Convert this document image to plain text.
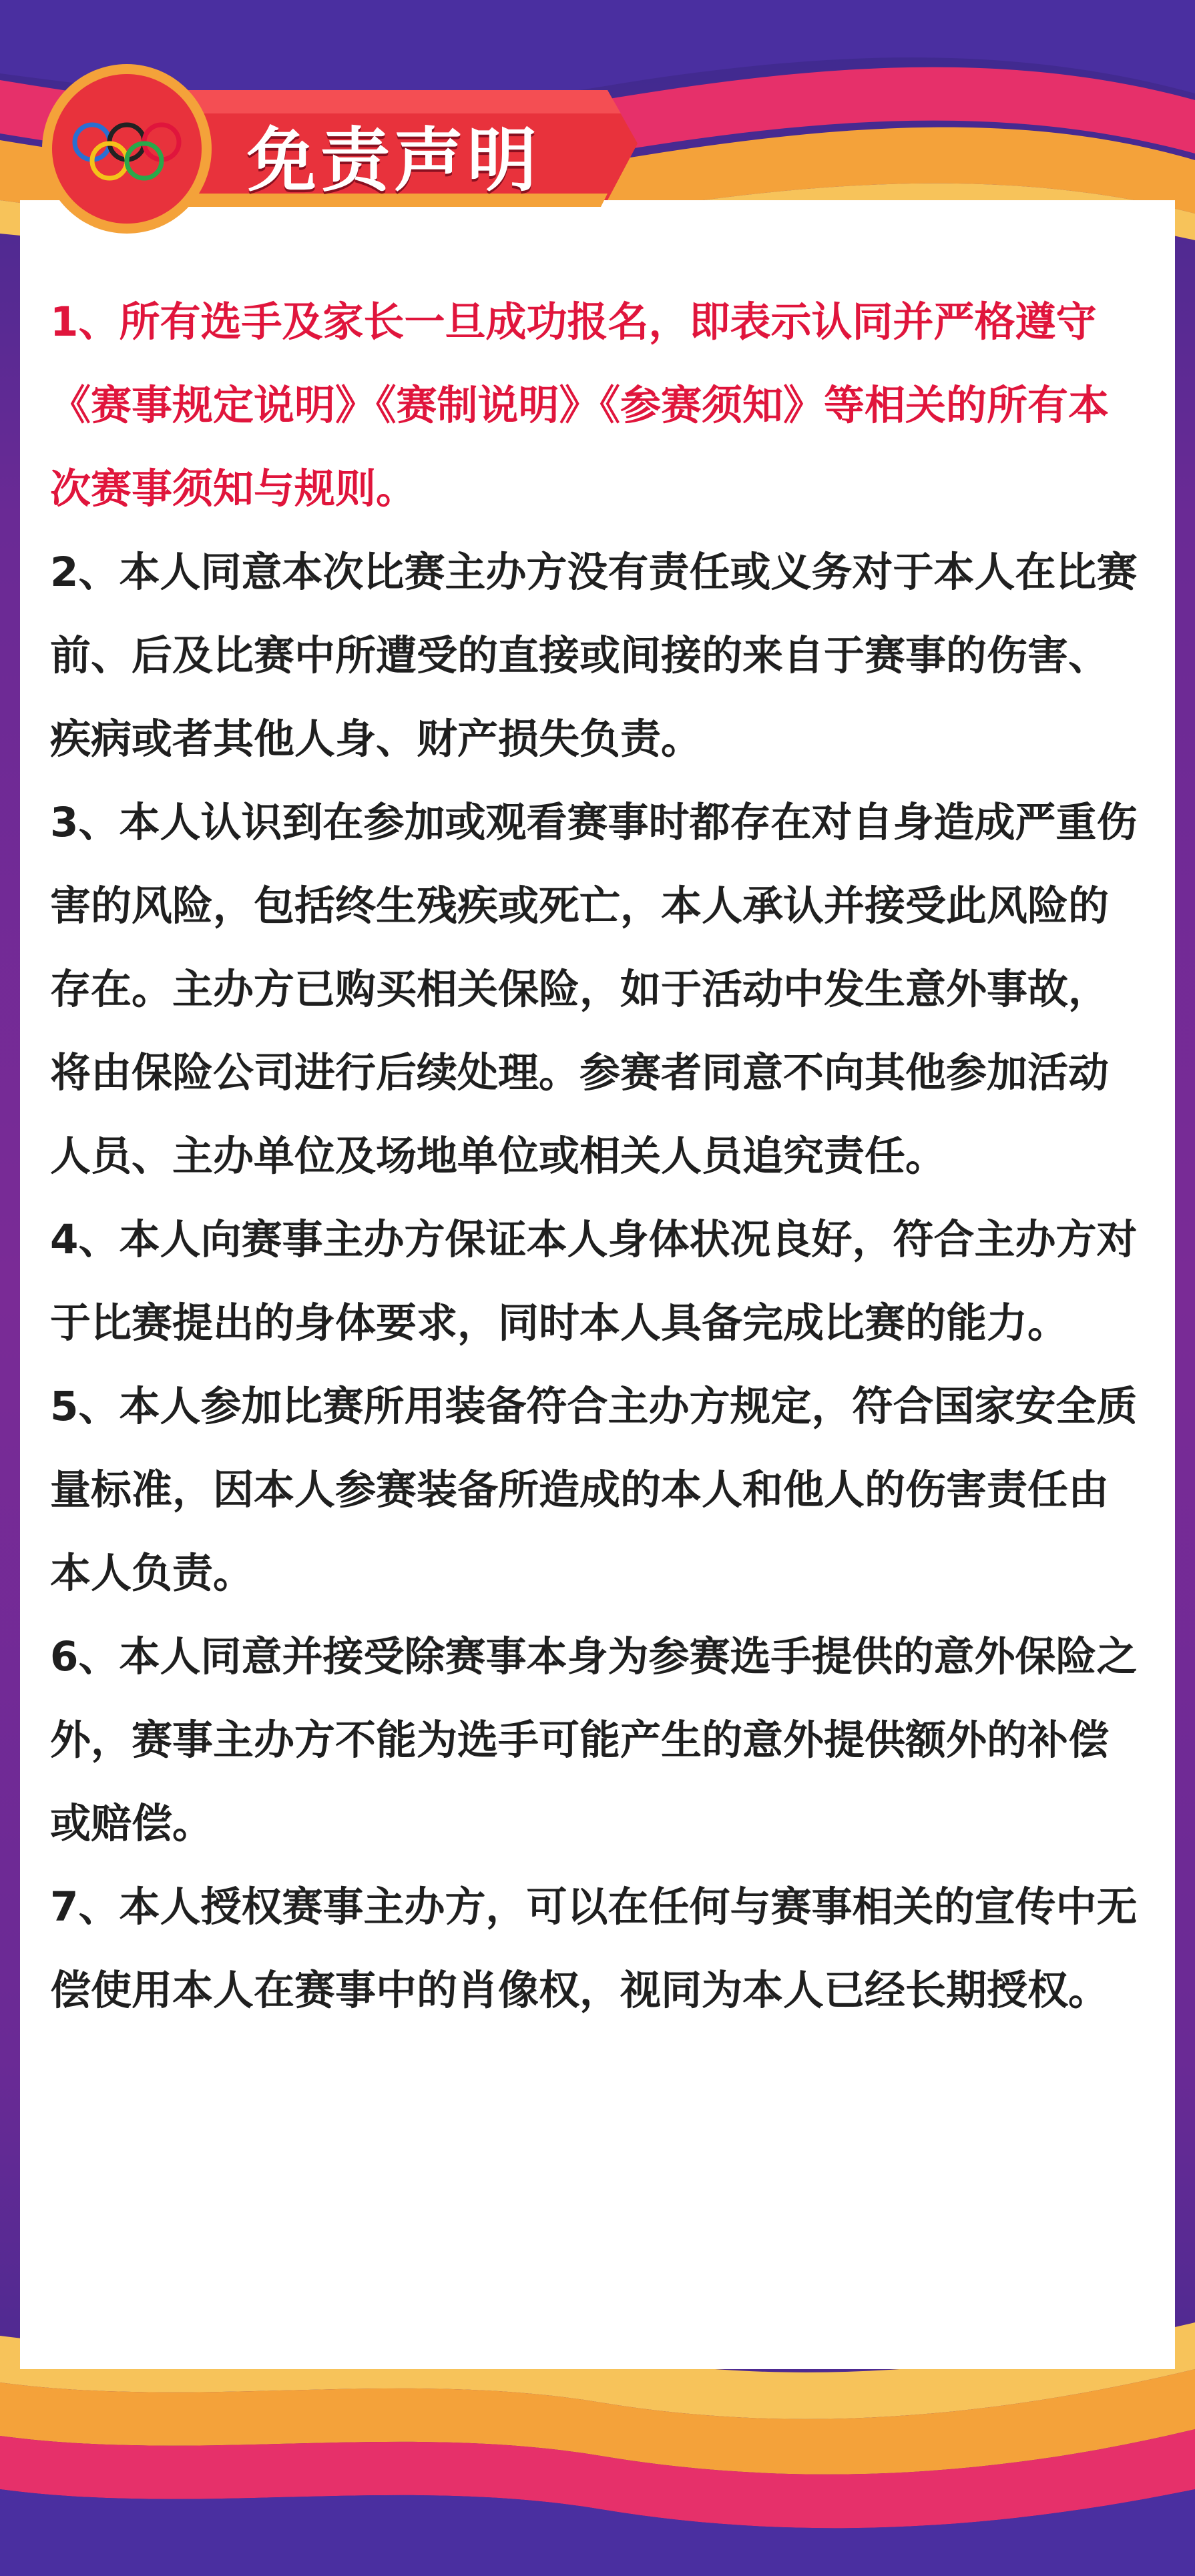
免责声明

1、所有选手及家长一旦成功报名，即表示认同并严格遵守《赛事规定说明》《赛制说明》《参赛须知》等相关的所有本次赛事须知与规则。

2、本人同意本次比赛主办方没有责任或义务对于本人在比赛前、后及比赛中所遭受的直接或间接的来自于赛事的伤害、疾病或者其他人身、财产损失负责。

3、本人认识到在参加或观看赛事时都存在对自身造成严重伤害的风险，包括终生残疾或死亡，本人承认并接受此风险的存在。主办方已购买相关保险，如于活动中发生意外事故，将由保险公司进行后续处理。参赛者同意不向其他参加活动人员、主办单位及场地单位或相关人员追究责任。

4、本人向赛事主办方保证本人身体状况良好，符合主办方对于比赛提出的身体要求，同时本人具备完成比赛的能力。

5、本人参加比赛所用装备符合主办方规定，符合国家安全质量标准，因本人参赛装备所造成的本人和他人的伤害责任由本人负责。

6、本人同意并接受除赛事本身为参赛选手提供的意外保险之外，赛事主办方不能为选手可能产生的意外提供额外的补偿或赔偿。

7、本人授权赛事主办方，可以在任何与赛事相关的宣传中无偿使用本人在赛事中的肖像权，视同为本人已经长期授权。
